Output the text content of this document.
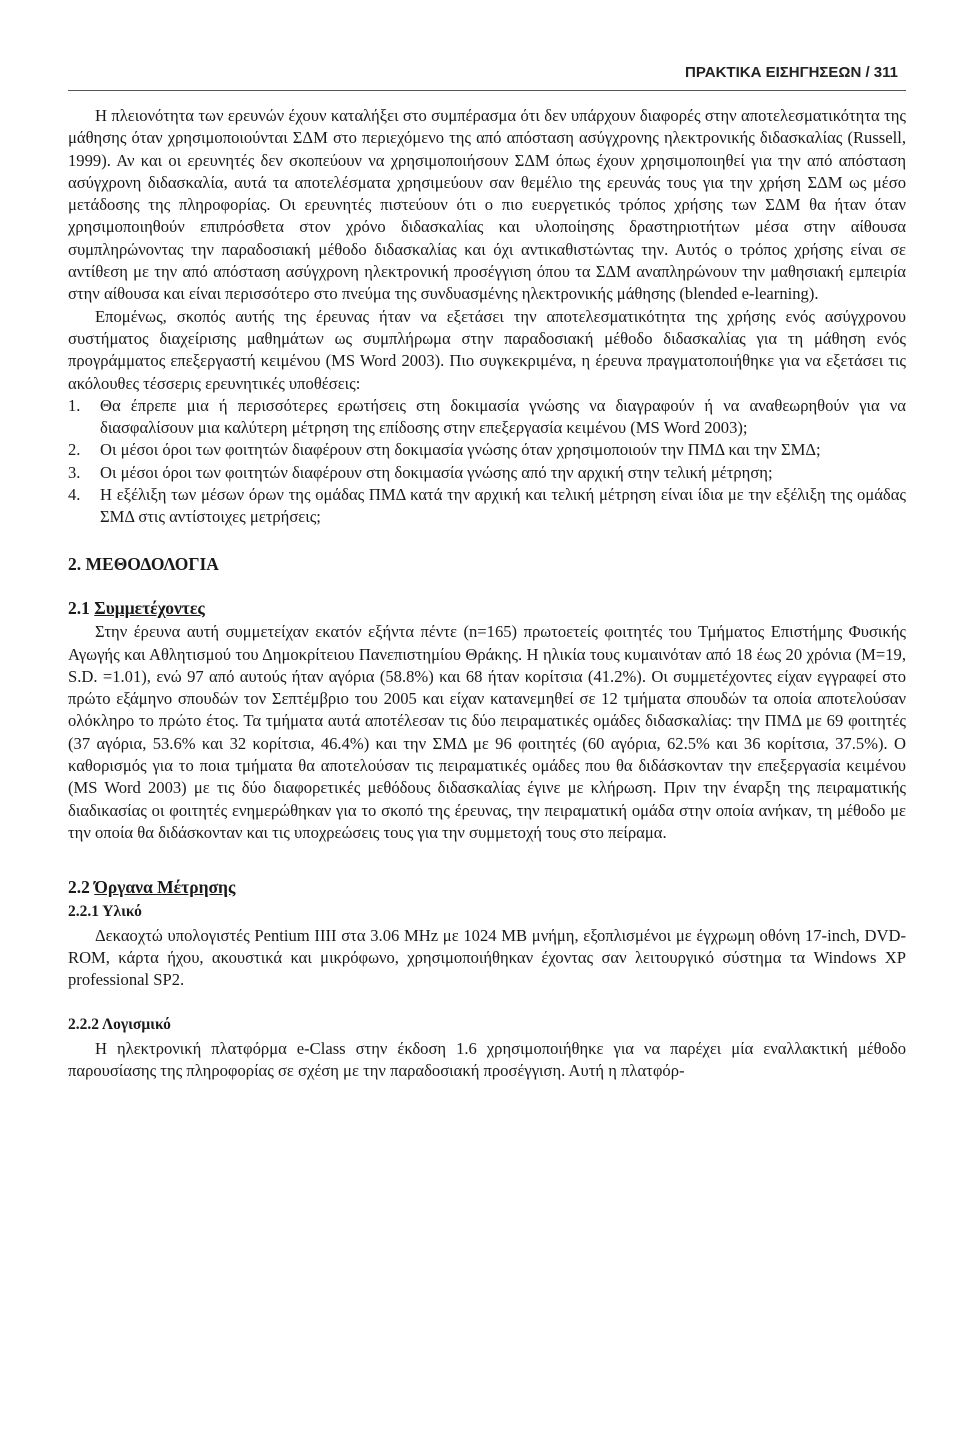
ΠΡΑΚΤΙΚΑ ΕΙΣΗΓΗΣΕΩΝ / 311

Η πλειονότητα των ερευνών έχουν καταλήξει στο συμπέρασμα ότι δεν υπάρχουν διαφορές στην αποτελεσματικότητα της μάθησης όταν χρησιμοποιούνται ΣΔΜ στο περιεχόμενο της από απόσταση ασύγχρονης ηλεκτρονικής διδασκαλίας (Russell, 1999). Αν και οι ερευνητές δεν σκοπεύουν να χρησιμοποιήσουν ΣΔΜ όπως έχουν χρησιμοποιηθεί για την από απόσταση ασύγχρονη διδασκαλία, αυτά τα αποτελέσματα χρησιμεύουν σαν θεμέλιο της ερευνάς τους για την χρήση ΣΔΜ ως μέσο μετάδοσης της πληροφορίας. Οι ερευνητές πιστεύουν ότι ο πιο ευεργετικός τρόπος χρήσης των ΣΔΜ θα ήταν όταν χρησιμοποιηθούν επιπρόσθετα στον χρόνο διδασκαλίας και υλοποίησης δραστηριοτήτων μέσα στην αίθουσα συμπληρώνοντας την παραδοσιακή μέθοδο διδασκαλίας και όχι αντικαθιστώντας την. Αυτός ο τρόπος χρήσης είναι σε αντίθεση με την από απόσταση ασύγχρονη ηλεκτρονική προσέγγιση όπου τα ΣΔΜ αναπληρώνουν την μαθησιακή εμπειρία στην αίθουσα και είναι περισσότερο στο πνεύμα της συνδυασμένης ηλεκτρονικής μάθησης (blended e-learning).

Επομένως, σκοπός αυτής της έρευνας ήταν να εξετάσει την αποτελεσματικότητα της χρήσης ενός ασύγχρονου συστήματος διαχείρισης μαθημάτων ως συμπλήρωμα στην παραδοσιακή μέθοδο διδασκαλίας για τη μάθηση ενός προγράμματος επεξεργαστή κειμένου (MS Word 2003). Πιο συγκεκριμένα, η έρευνα πραγματοποιήθηκε για να εξετάσει τις ακόλουθες τέσσερις ερευνητικές υποθέσεις:

1.	Θα έπρεπε μια ή περισσότερες ερωτήσεις στη δοκιμασία γνώσης να διαγραφούν ή να αναθεωρηθούν για να διασφαλίσουν μια καλύτερη μέτρηση της επίδοσης στην επεξεργασία κειμένου (MS Word 2003);
2.	Οι μέσοι όροι των φοιτητών διαφέρουν στη δοκιμασία γνώσης όταν χρησιμοποιούν την ΠΜΔ και την ΣΜΔ;
3.	Οι μέσοι όροι των φοιτητών διαφέρουν στη δοκιμασία γνώσης από την αρχική στην τελική μέτρηση;
4.	Η εξέλιξη των μέσων όρων της ομάδας ΠΜΔ κατά την αρχική και τελική μέτρηση είναι ίδια με την εξέλιξη της ομάδας ΣΜΔ στις αντίστοιχες μετρήσεις;
2. ΜΕΘΟΔΟΛΟΓΙΑ
2.1 Συμμετέχοντες

Στην έρευνα αυτή συμμετείχαν εκατόν εξήντα πέντε (n=165) πρωτοετείς φοιτητές του Τμήματος Επιστήμης Φυσικής Αγωγής και Αθλητισμού του Δημοκρίτειου Πανεπιστημίου Θράκης. Η ηλικία τους κυμαινόταν από 18 έως 20 χρόνια (M=19, S.D. =1.01), ενώ 97 από αυτούς ήταν αγόρια (58.8%) και 68 ήταν κορίτσια (41.2%). Οι συμμετέχοντες είχαν εγγραφεί στο πρώτο εξάμηνο σπουδών τον Σεπτέμβριο του 2005 και είχαν κατανεμηθεί σε 12 τμήματα σπουδών τα οποία αποτελούσαν ολόκληρο το πρώτο έτος. Τα τμήματα αυτά αποτέλεσαν τις δύο πειραματικές ομάδες διδασκαλίας: την ΠΜΔ με 69 φοιτητές (37 αγόρια, 53.6% και 32 κορίτσια, 46.4%) και την ΣΜΔ με 96 φοιτητές (60 αγόρια, 62.5% και 36 κορίτσια, 37.5%). Ο καθορισμός για το ποια τμήματα θα αποτελούσαν τις πειραματικές ομάδες που θα διδάσκονταν την επεξεργασία κειμένου (MS Word 2003) με τις δύο διαφορετικές μεθόδους διδασκαλίας έγινε με κλήρωση. Πριν την έναρξη της πειραματικής διαδικασίας οι φοιτητές ενημερώθηκαν για το σκοπό της έρευνας, την πειραματική ομάδα στην οποία ανήκαν, τη μέθοδο με την οποία θα διδάσκονταν και τις υποχρεώσεις τους για την συμμετοχή τους στο πείραμα.

2.2 Όργανα Μέτρησης
2.2.1 Υλικό

Δεκαοχτώ υπολογιστές Pentium IIII στα 3.06 MHz με 1024 MB μνήμη, εξοπλισμένοι με έγχρωμη οθόνη 17-inch, DVD-ROM, κάρτα ήχου, ακουστικά και μικρόφωνο, χρησιμοποιήθηκαν έχοντας σαν λειτουργικό σύστημα τα Windows XP professional SP2.

2.2.2 Λογισμικό

Η ηλεκτρονική πλατφόρμα e-Class στην έκδοση 1.6 χρησιμοποιήθηκε για να παρέχει μία εναλλακτική μέθοδο παρουσίασης της πληροφορίας σε σχέση με την παραδοσιακή προσέγγιση. Αυτή η πλατφόρ-
